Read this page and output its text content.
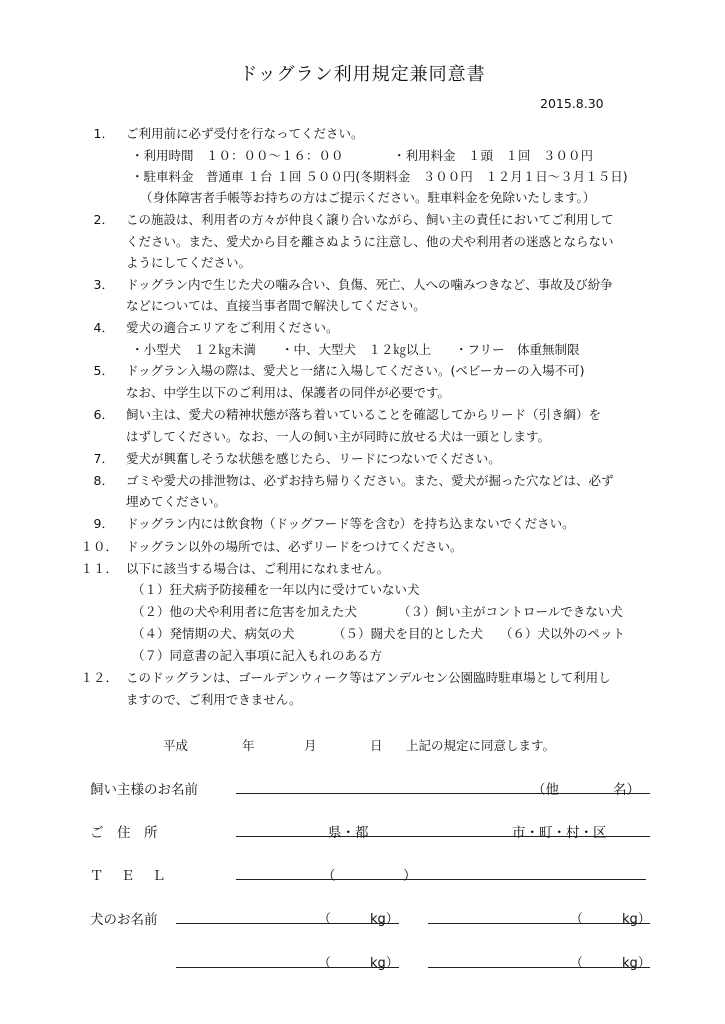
ドッグラン利用規定兼同意書
2015.8.30
1． ご利用前に必ず受付を行なってください。
・利用時間　１０：００～１６：００	・利用料金　１頭　１回　３００円
・駐車料金　普通車 １台 １回 ５００円(冬期料金　３００円　１２月１日～３月１５日)
（身体障害者手帳等お持ちの方はご提示ください。駐車料金を免除いたします。）
2． この施設は、利用者の方々が仲良く譲り合いながら、飼い主の責任においてご利用して
ください。また、愛犬から目を離さぬように注意し、他の犬や利用者の迷惑とならない
ようにしてください。
3． ドッグラン内で生じた犬の噛み合い、負傷、死亡、人への噛みつきなど、事故及び紛争
などについては、直接当事者間で解決してください。
4． 愛犬の適合エリアをご利用ください。
・小型犬　１２㎏未満 ・中、大型犬　１２㎏以上 ・フリー　体重無制限
5． ドッグラン入場の際は、愛犬と一緒に入場してください。(ベビーカーの入場不可)
なお、中学生以下のご利用は、保護者の同伴が必要です。
6． 飼い主は、愛犬の精神状態が落ち着いていることを確認してからリード（引き綱）を
はずしてください。なお、一人の飼い主が同時に放せる犬は一頭とします。
7． 愛犬が興奮しそうな状態を感じたら、リードにつないでください。
8． ゴミや愛犬の排泄物は、必ずお持ち帰りください。また、愛犬が掘った穴などは、必ず
埋めてください。
9． ドッグラン内には飲食物（ドッグフード等を含む）を持ち込まないでください。
１０． ドッグラン以外の場所では、必ずリードをつけてください。
１１． 以下に該当する場合は、ご利用になれません。
（１）狂犬病予防接種を一年以内に受けていない犬
（２）他の犬や利用者に危害を加えた犬	（３）飼い主がコントロールできない犬
（４）発情期の犬、病気の犬	（５）闘犬を目的とした犬 （６）犬以外のペット
（７）同意書の記入事項に記入もれのある方
１２． このドッグランは、ゴールデンウィーク等はアンデルセン公園臨時駐車場として利用し
ますので、ご利用できません。
平成	年	月	日 上記の規定に同意します。
飼い主様のお名前	（他　　　　名）
ご　住　所	県・都	市・町・村・区
Ｔ　Ｅ　Ｌ	（　　　　　）
犬のお名前	（　　　kg）	（　　　kg）
（　　　kg）	（　　　kg）
